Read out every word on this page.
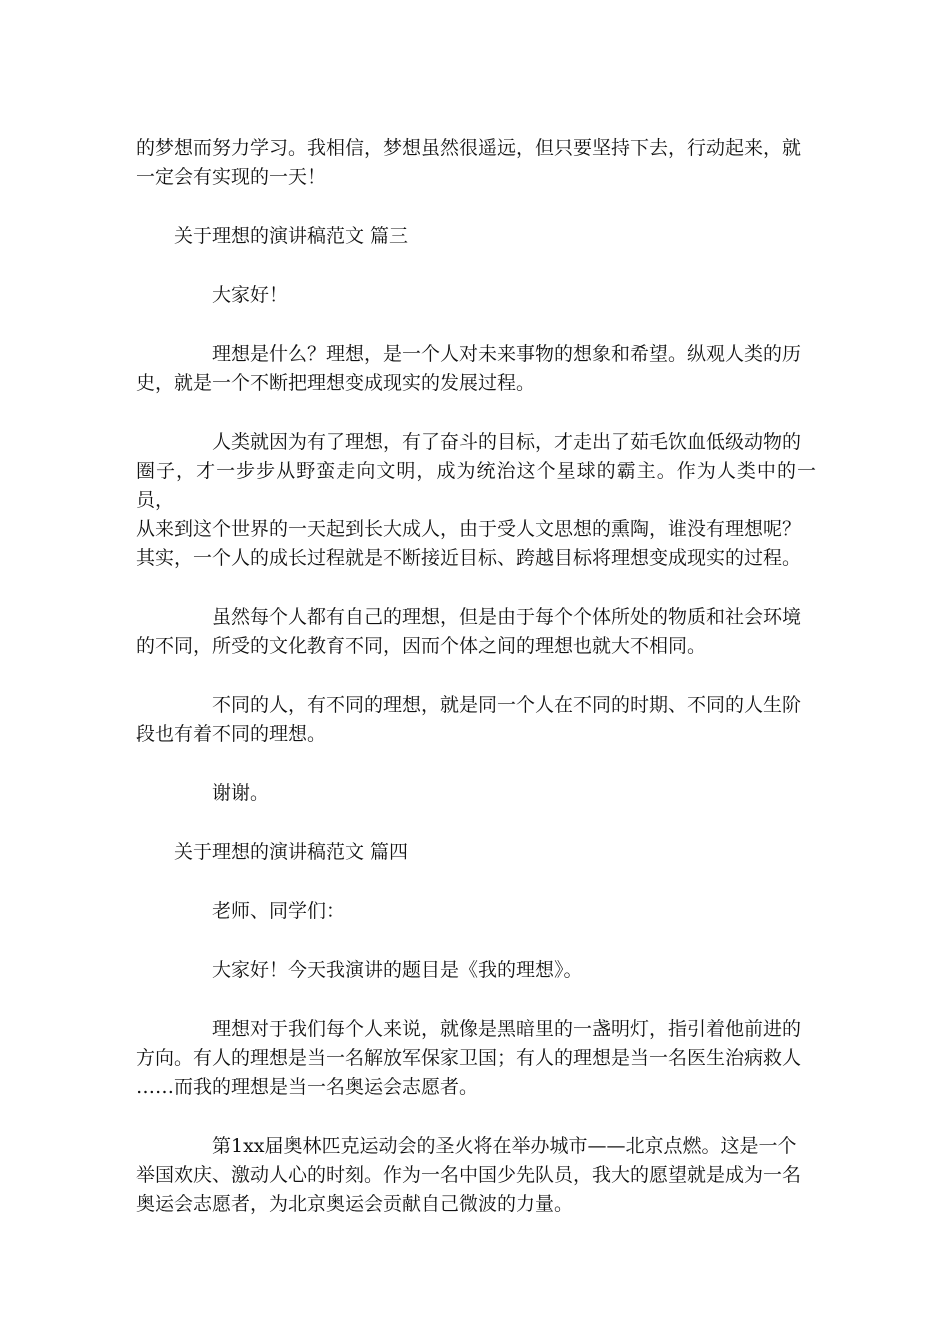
的梦想而努力学习。我相信，梦想虽然很遥远，但只要坚持下去，行动起来，就
一定会有实现的一天！

关于理想的演讲稿范文 篇三

大家好！

理想是什么？理想，是一个人对未来事物的想象和希望。纵观人类的历
史，就是一个不断把理想变成现实的发展过程。

人类就因为有了理想，有了奋斗的目标，才走出了茹毛饮血低级动物的
圈子，才一步步从野蛮走向文明，成为统治这个星球的霸主。作为人类中的一员，
从来到这个世界的一天起到长大成人，由于受人文思想的熏陶，谁没有理想呢？
其实，一个人的成长过程就是不断接近目标、跨越目标将理想变成现实的过程。

虽然每个人都有自己的理想，但是由于每个个体所处的物质和社会环境
的不同，所受的文化教育不同，因而个体之间的理想也就大不相同。

不同的人，有不同的理想，就是同一个人在不同的时期、不同的人生阶
段也有着不同的理想。

谢谢。

关于理想的演讲稿范文 篇四

老师、同学们：

大家好！今天我演讲的题目是《我的理想》。

理想对于我们每个人来说，就像是黑暗里的一盏明灯，指引着他前进的
方向。有人的理想是当一名解放军保家卫国；有人的理想是当一名医生治病救人
……而我的理想是当一名奥运会志愿者。

第1xx届奥林匹克运动会的圣火将在举办城市——北京点燃。这是一个
举国欢庆、激动人心的时刻。作为一名中国少先队员，我大的愿望就是成为一名
奥运会志愿者，为北京奥运会贡献自己微波的力量。
